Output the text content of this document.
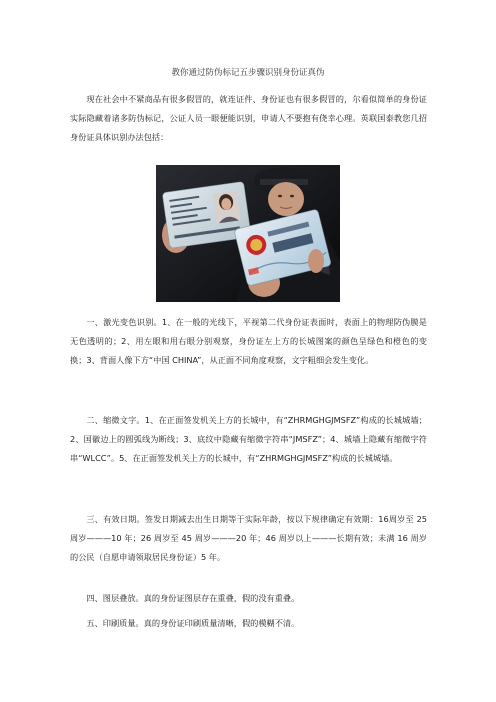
教你通过防伪标记五步骤识别身份证真伪

现在社会中不紧商品有很多假冒的，就连证件、身份证也有很多假冒的，尔看似简单的身份证实际隐藏着诸多防伪标记，公证人员一眼便能识别，申请人不要抱有侥幸心理。英联国泰教您几招身份证具体识别办法包括：

一、激光变色识别。1、在一般的光线下，平视第二代身份证表面时，表面上的物理防伪膜是无色透明的；2、用左眼和用右眼分别观察，身份证左上方的长城图案的颜色呈绿色和橙色的变换；3、背面人像下方“中国 CHINA”，从正面不同角度观察，文字粗细会发生变化。

二、缩微文字。1、在正面签发机关上方的长城中，有“ZHRMGHGJMSFZ”构成的长城城墙；2、国徽边上的圆弧线为断线；3、底纹中隐藏有缩微字符串“JMSFZ”；4、城墙上隐藏有缩微字符串“WLCC”。5、在正面签发机关上方的长城中，有“ZHRMGHGJMSFZ”构成的长城城墙。

三、有效日期。签发日期减去出生日期等于实际年龄，按以下规律确定有效期：16周岁至 25 周岁———10 年；26 周岁至 45 周岁———20 年；46 周岁以上———长期有效；未满 16 周岁的公民（自愿申请领取居民身份证）5 年。

四、图层叠放。真的身份证图层存在重叠，假的没有重叠。

五、印刷质量。真的身份证印刷质量清晰，假的模糊不清。
